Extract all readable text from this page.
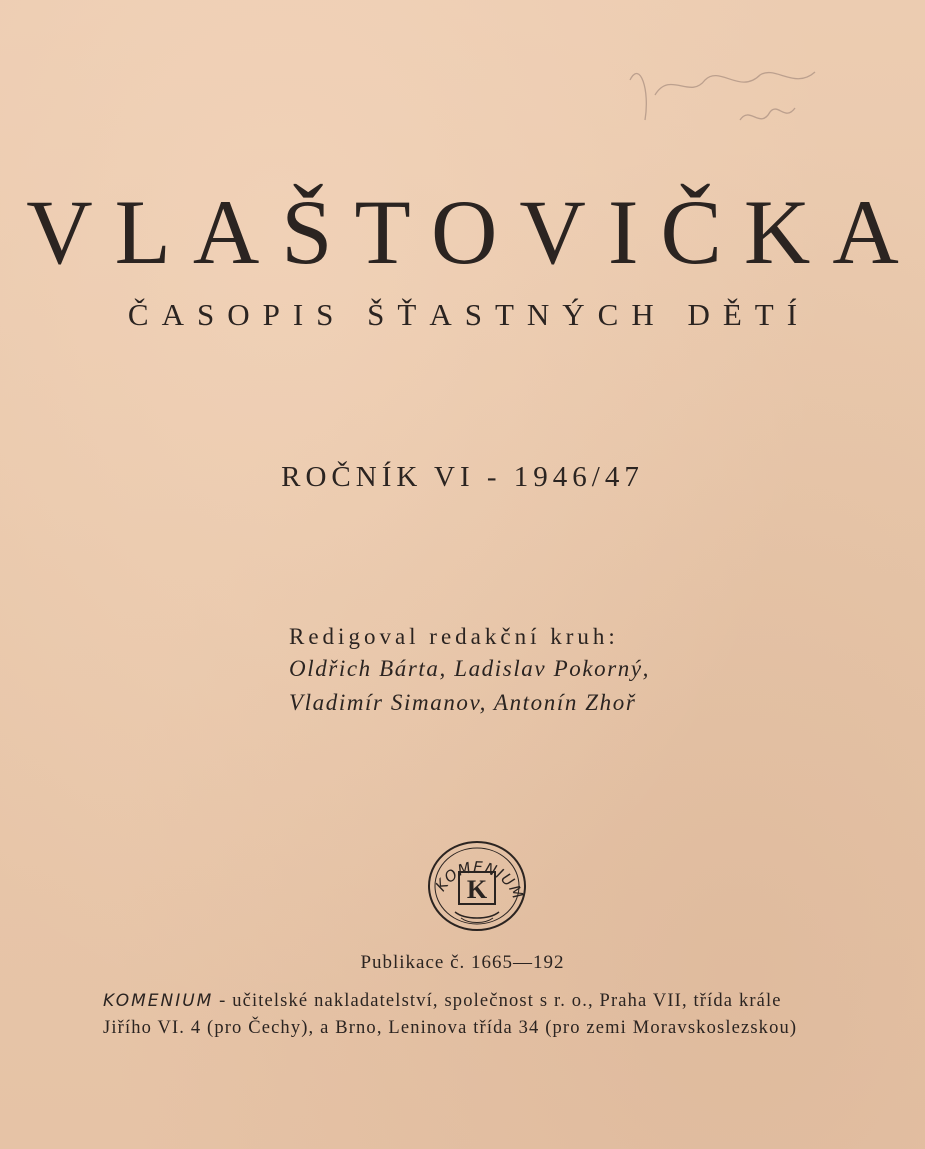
VLAŠTOVIČKA
ČASOPIS ŠŤASTNÝCH DĚTÍ
ROČNÍK VI - 1946/47
Redigoval redakční kruh:
Oldřich Bárta, Ladislav Pokorný,
Vladimír Simanov, Antonín Zhoř
KOMENIUM
K
Publikace č. 1665—192
KOMENIUM - učitelské nakladatelství, společnost s r. o., Praha VII, třída krále
Jiřího VI. 4 (pro Čechy), a Brno, Leninova třída 34 (pro zemi Moravskoslezskou)
